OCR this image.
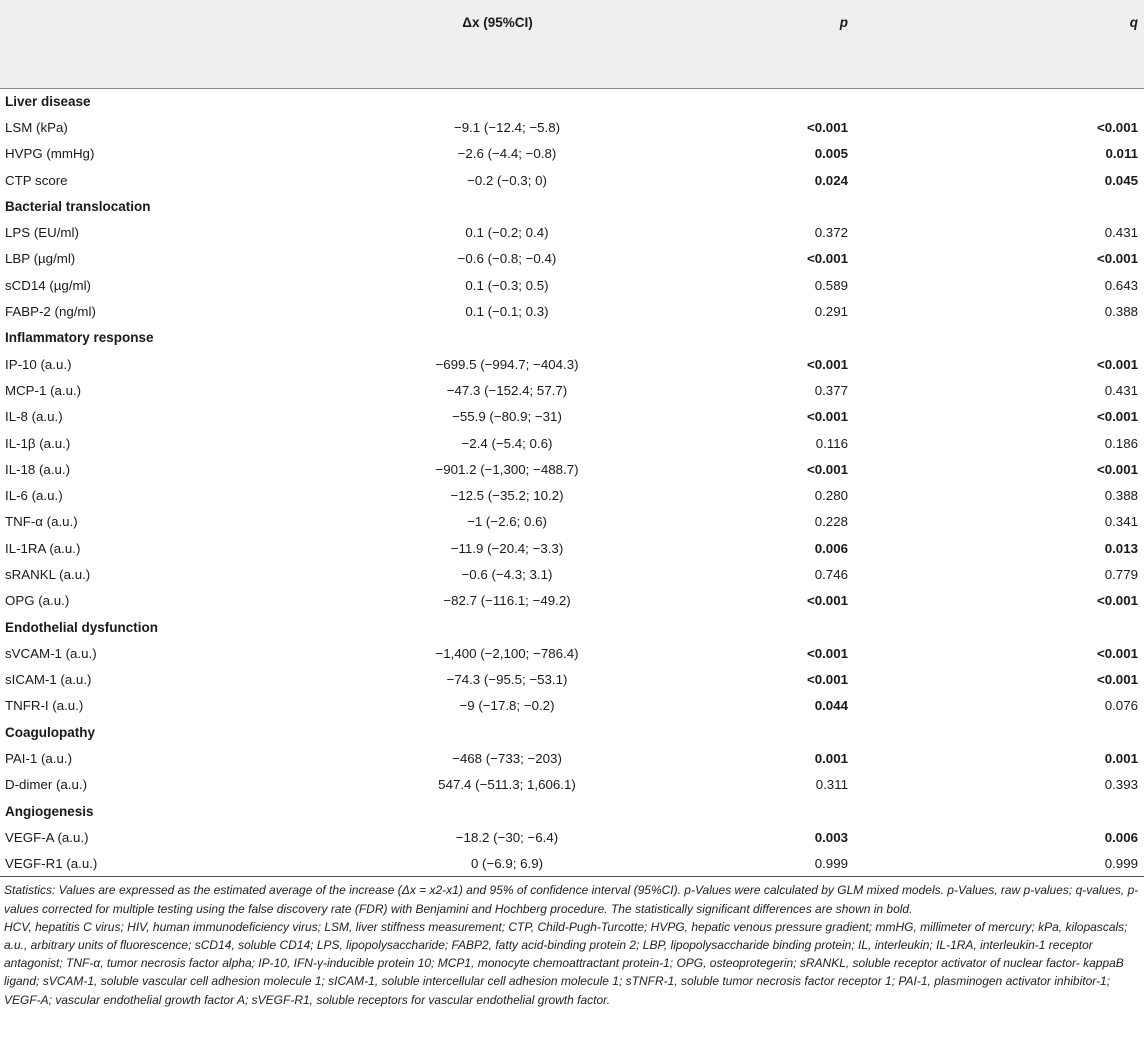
	Δx (95%CI)	p	q

Liver disease			
LSM (kPa)	−9.1 (−12.4; −5.8)	<0.001	<0.001
HVPG (mmHg)	−2.6 (−4.4; −0.8)	0.005	0.011
CTP score	−0.2 (−0.3; 0)	0.024	0.045
Bacterial translocation			
LPS (EU/ml)	0.1 (−0.2; 0.4)	0.372	0.431
LBP (µg/ml)	−0.6 (−0.8; −0.4)	<0.001	<0.001
sCD14 (µg/ml)	0.1 (−0.3; 0.5)	0.589	0.643
FABP-2 (ng/ml)	0.1 (−0.1; 0.3)	0.291	0.388
Inflammatory response			
IP-10 (a.u.)	−699.5 (−994.7; −404.3)	<0.001	<0.001
MCP-1 (a.u.)	−47.3 (−152.4; 57.7)	0.377	0.431
IL-8 (a.u.)	−55.9 (−80.9; −31)	<0.001	<0.001
IL-1β (a.u.)	−2.4 (−5.4; 0.6)	0.116	0.186
IL-18 (a.u.)	−901.2 (−1,300; −488.7)	<0.001	<0.001
IL-6 (a.u.)	−12.5 (−35.2; 10.2)	0.280	0.388
TNF-α (a.u.)	−1 (−2.6; 0.6)	0.228	0.341
IL-1RA (a.u.)	−11.9 (−20.4; −3.3)	0.006	0.013
sRANKL (a.u.)	−0.6 (−4.3; 3.1)	0.746	0.779
OPG (a.u.)	−82.7 (−116.1; −49.2)	<0.001	<0.001
Endothelial dysfunction			
sVCAM-1 (a.u.)	−1,400 (−2,100; −786.4)	<0.001	<0.001
sICAM-1 (a.u.)	−74.3 (−95.5; −53.1)	<0.001	<0.001
TNFR-I (a.u.)	−9 (−17.8; −0.2)	0.044	0.076
Coagulopathy			
PAI-1 (a.u.)	−468 (−733; −203)	0.001	0.001
D-dimer (a.u.)	547.4 (−511.3; 1,606.1)	0.311	0.393
Angiogenesis			
VEGF-A (a.u.)	−18.2 (−30; −6.4)	0.003	0.006
VEGF-R1 (a.u.)	0 (−6.9; 6.9)	0.999	0.999

Statistics: Values are expressed as the estimated average of the increase (Δx = x2-x1) and 95% of confidence interval (95%CI). p-Values were calculated by GLM mixed models. p-Values, raw p-values; q-values, p-values corrected for multiple testing using the false discovery rate (FDR) with Benjamini and Hochberg procedure. The statistically significant differences are shown in bold.

HCV, hepatitis C virus; HIV, human immunodeficiency virus; LSM, liver stiffness measurement; CTP, Child-Pugh-Turcotte; HVPG, hepatic venous pressure gradient; mmHG, millimeter of mercury; kPa, kilopascals; a.u., arbitrary units of fluorescence; sCD14, soluble CD14; LPS, lipopolysaccharide; FABP2, fatty acid-binding protein 2; LBP, lipopolysaccharide binding protein; IL, interleukin; IL-1RA, interleukin-1 receptor antagonist; TNF-α, tumor necrosis factor alpha; IP-10, IFN-γ-inducible protein 10; MCP1, monocyte chemoattractant protein-1; OPG, osteoprotegerin; sRANKL, soluble receptor activator of nuclear factor- kappaB ligand; sVCAM-1, soluble vascular cell adhesion molecule 1; sICAM-1, soluble intercellular cell adhesion molecule 1; sTNFR-1, soluble tumor necrosis factor receptor 1; PAI-1, plasminogen activator inhibitor-1; VEGF-A; vascular endothelial growth factor A; sVEGF-R1, soluble receptors for vascular endothelial growth factor.
